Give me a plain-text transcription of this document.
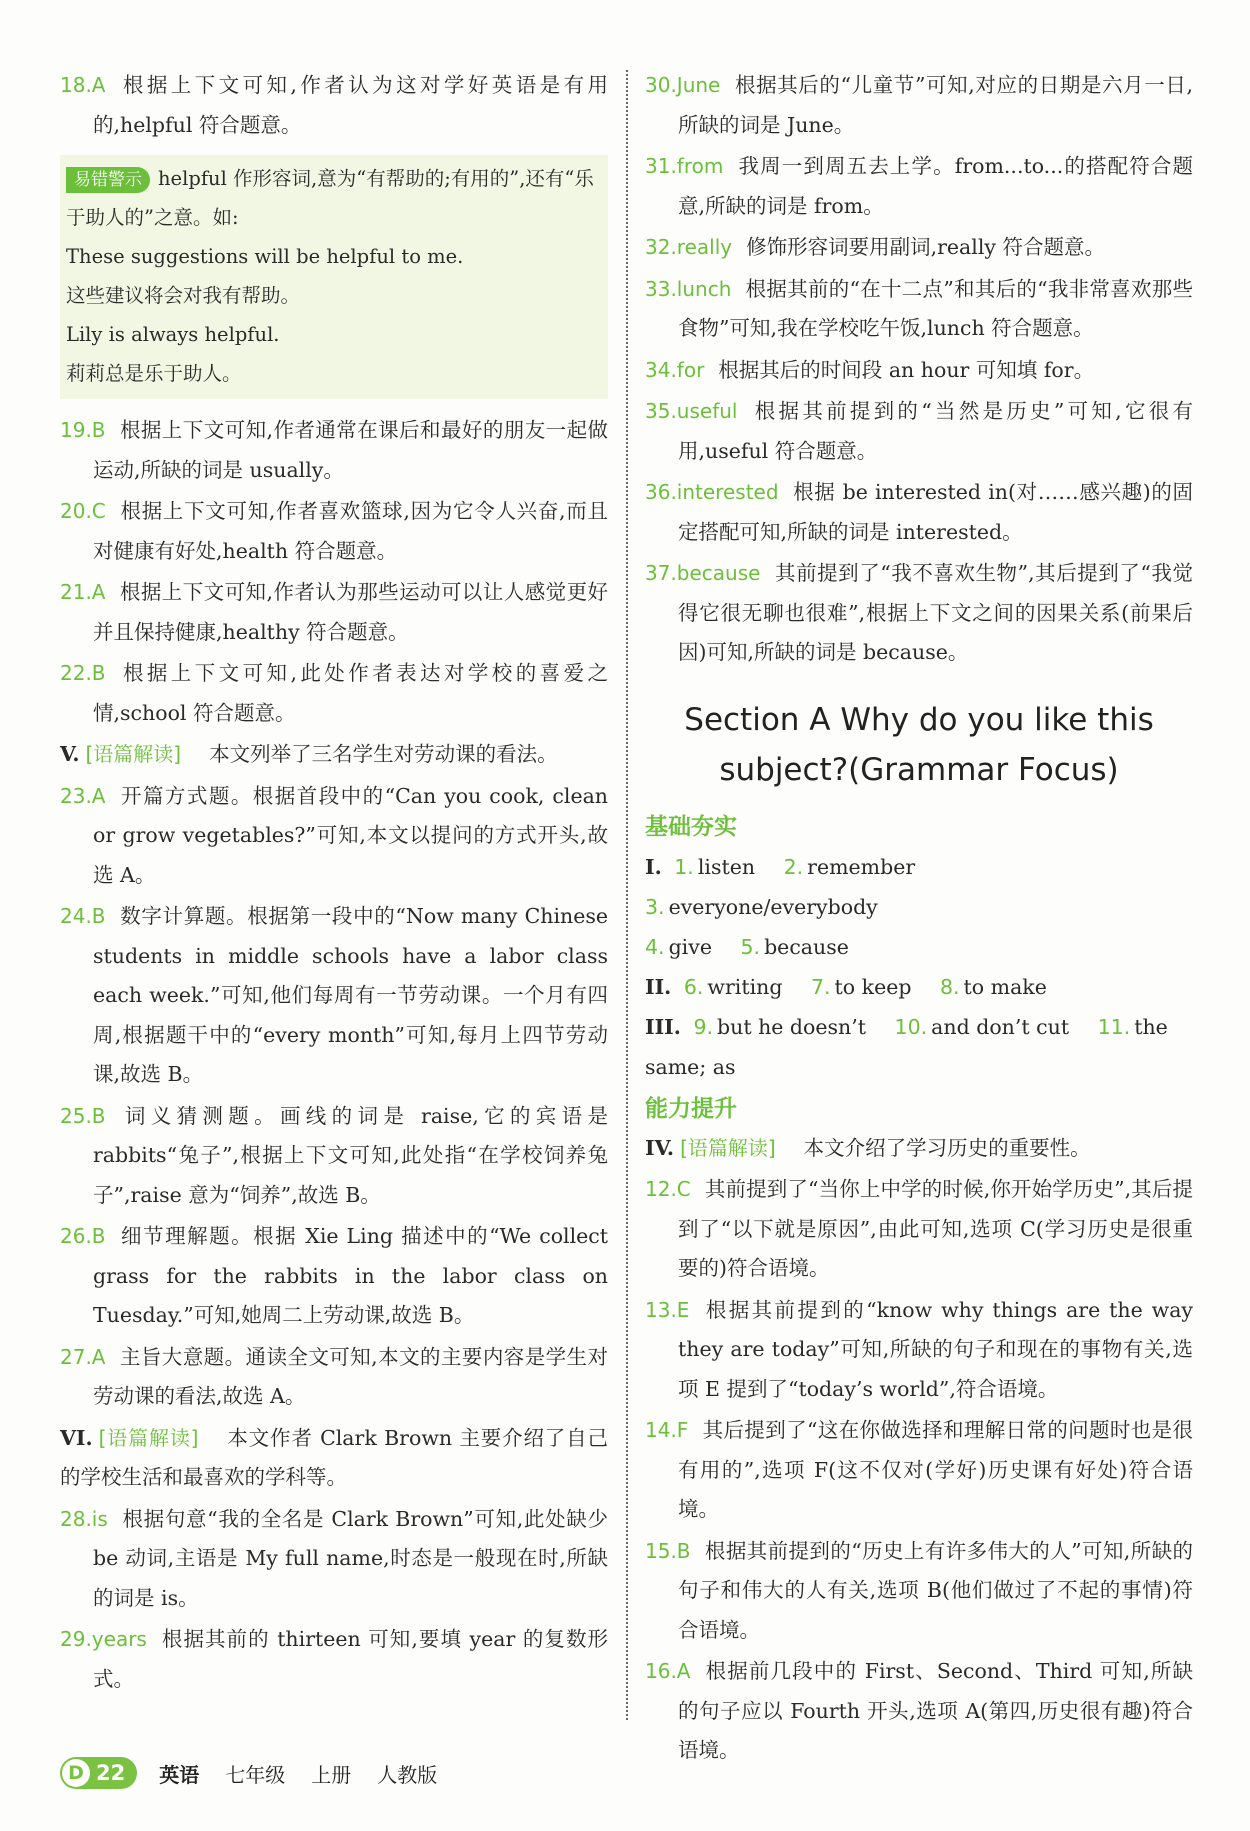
18.A 根据上下文可知,作者认为这对学好英语是有用的,helpful 符合题意。

易错警示 helpful 作形容词,意为“有帮助的;有用的”,还有“乐于助人的”之意。如:

These suggestions will be helpful to me.

这些建议将会对我有帮助。

Lily is always helpful.

莉莉总是乐于助人。

19.B 根据上下文可知,作者通常在课后和最好的朋友一起做运动,所缺的词是 usually。

20.C 根据上下文可知,作者喜欢篮球,因为它令人兴奋,而且对健康有好处,health 符合题意。

21.A 根据上下文可知,作者认为那些运动可以让人感觉更好并且保持健康,healthy 符合题意。

22.B 根据上下文可知,此处作者表达对学校的喜爱之情,school 符合题意。

V. [语篇解读] 本文列举了三名学生对劳动课的看法。

23.A 开篇方式题。根据首段中的“Can you cook, clean or grow vegetables?”可知,本文以提问的方式开头,故选 A。

24.B 数字计算题。根据第一段中的“Now many Chinese students in middle schools have a labor class each week.”可知,他们每周有一节劳动课。一个月有四周,根据题干中的“every month”可知,每月上四节劳动课,故选 B。

25.B 词义猜测题。画线的词是 raise,它的宾语是 rabbits“兔子”,根据上下文可知,此处指“在学校饲养兔子”,raise 意为“饲养”,故选 B。

26.B 细节理解题。根据 Xie Ling 描述中的“We collect grass for the rabbits in the labor class on Tuesday.”可知,她周二上劳动课,故选 B。

27.A 主旨大意题。通读全文可知,本文的主要内容是学生对劳动课的看法,故选 A。

VI. [语篇解读] 本文作者 Clark Brown 主要介绍了自己的学校生活和最喜欢的学科等。

28.is 根据句意“我的全名是 Clark Brown”可知,此处缺少 be 动词,主语是 My full name,时态是一般现在时,所缺的词是 is。

29.years 根据其前的 thirteen 可知,要填 year 的复数形式。

30.June 根据其后的“儿童节”可知,对应的日期是六月一日,所缺的词是 June。

31.from 我周一到周五去上学。from...to...的搭配符合题意,所缺的词是 from。

32.really 修饰形容词要用副词,really 符合题意。

33.lunch 根据其前的“在十二点”和其后的“我非常喜欢那些食物”可知,我在学校吃午饭,lunch 符合题意。

34.for 根据其后的时间段 an hour 可知填 for。

35.useful 根据其前提到的“当然是历史”可知,它很有用,useful 符合题意。

36.interested 根据 be interested in(对……感兴趣)的固定搭配可知,所缺的词是 interested。

37.because 其前提到了“我不喜欢生物”,其后提到了“我觉得它很无聊也很难”,根据上下文之间的因果关系(前果后因)可知,所缺的词是 because。

Section A Why do you like this
subject?(Grammar Focus)
基础夯实
I. 1. listen 2. remember 3. everyone/everybody
4. give 5. because
II. 6. writing 7. to keep 8. to make
III. 9. but he doesn’t 10. and don’t cut 11. the same; as
能力提升

IV. [语篇解读] 本文介绍了学习历史的重要性。

12.C 其前提到了“当你上中学的时候,你开始学历史”,其后提到了“以下就是原因”,由此可知,选项 C(学习历史是很重要的)符合语境。

13.E 根据其前提到的“know why things are the way they are today”可知,所缺的句子和现在的事物有关,选项 E 提到了“today’s world”,符合语境。

14.F 其后提到了“这在你做选择和理解日常的问题时也是很有用的”,选项 F(这不仅对(学好)历史课有好处)符合语境。

15.B 根据其前提到的“历史上有许多伟大的人”可知,所缺的句子和伟大的人有关,选项 B(他们做过了不起的事情)符合语境。

16.A 根据前几段中的 First、Second、Third 可知,所缺的句子应以 Fourth 开头,选项 A(第四,历史很有趣)符合语境。

D 22 英语 七年级 上册 人教版
